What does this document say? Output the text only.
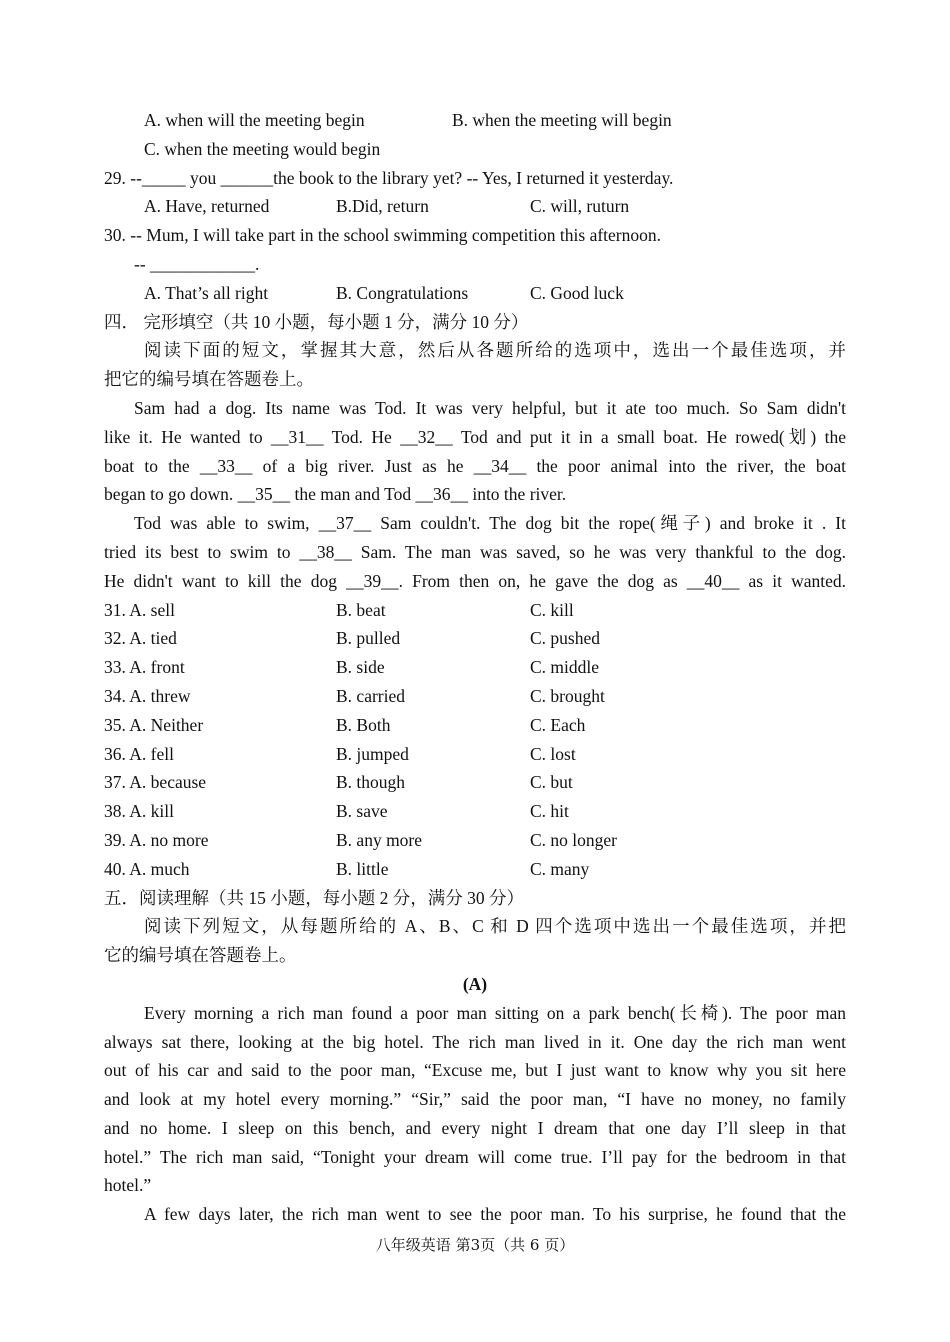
A. when will the meeting begin	B. when the meeting will begin
C. when the meeting would begin
29. --_____ you ______the book to the library yet? -- Yes, I returned it yesterday.
A. Have, returned	B.Did, return	C. will, ruturn
30. -- Mum, I will take part in the school swimming competition this afternoon.
-- ____________.
A. That’s all right	B. Congratulations	C. Good luck
四． 完形填空（共 10 小题，每小题 1 分，满分 10 分）
阅读下面的短文，掌握其大意，然后从各题所给的选项中，选出一个最佳选项，并
把它的编号填在答题卷上。
Sam had a dog. Its name was Tod. It was very helpful, but it ate too much. So Sam didn't
like it. He wanted to __31__ Tod. He __32__ Tod and put it in a small boat. He rowed(划) the
boat to the __33__ of a big river. Just as he __34__ the poor animal into the river, the boat
began to go down. __35__ the man and Tod __36__ into the river.
Tod was able to swim, __37__ Sam couldn't. The dog bit the rope(绳子) and broke it . It
tried its best to swim to __38__ Sam. The man was saved, so he was very thankful to the dog.
He didn't want to kill the dog __39__. From then on, he gave the dog as __40__ as it wanted.
31. A. sell	B. beat	C. kill
32. A. tied	B. pulled	C. pushed
33. A. front	B. side	C. middle
34. A. threw	B. carried	C. brought
35. A. Neither	B. Both	C. Each
36. A. fell	B. jumped	C. lost
37. A. because	B. though	C. but
38. A. kill	B. save	C. hit
39. A. no more	B. any more	C. no longer
40. A. much	B. little	C. many
五．阅读理解（共 15 小题，每小题 2 分，满分 30 分）
阅读下列短文，从每题所给的 A、B、C 和 D 四个选项中选出一个最佳选项，并把
它的编号填在答题卷上。
(A)
Every morning a rich man found a poor man sitting on a park bench(长椅). The poor man
always sat there, looking at the big hotel. The rich man lived in it. One day the rich man went
out of his car and said to the poor man, “Excuse me, but I just want to know why you sit here
and look at my hotel every morning.” “Sir,” said the poor man, “I have no money, no family
and no home. I sleep on this bench, and every night I dream that one day I’ll sleep in that
hotel.” The rich man said, “Tonight your dream will come true. I’ll pay for the bedroom in that
hotel.”
A few days later, the rich man went to see the poor man. To his surprise, he found that the
八年级英语 第3页（共 6 页）
